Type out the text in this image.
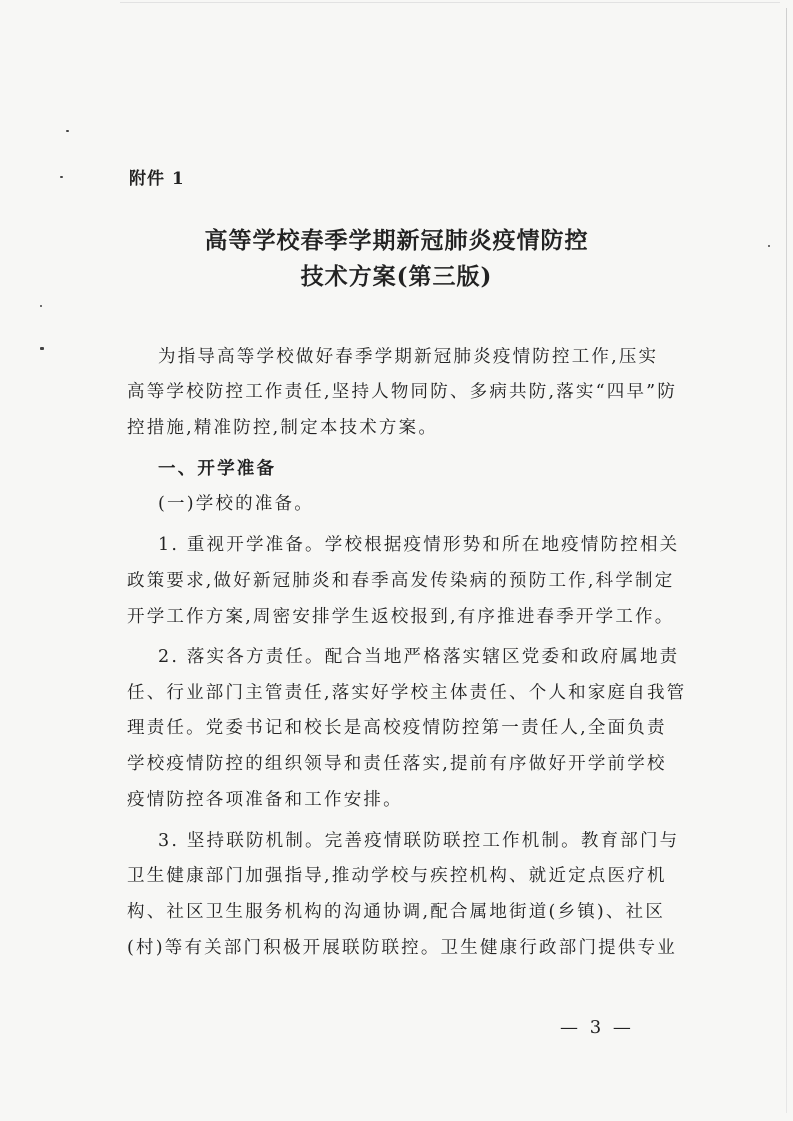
附件 1
高等学校春季学期新冠肺炎疫情防控
技术方案(第三版)
为指导高等学校做好春季学期新冠肺炎疫情防控工作,压实
高等学校防控工作责任,坚持人物同防、多病共防,落实“四早”防
控措施,精准防控,制定本技术方案。
一、开学准备
(一)学校的准备。
1. 重视开学准备。学校根据疫情形势和所在地疫情防控相关
政策要求,做好新冠肺炎和春季高发传染病的预防工作,科学制定
开学工作方案,周密安排学生返校报到,有序推进春季开学工作。
2. 落实各方责任。配合当地严格落实辖区党委和政府属地责
任、行业部门主管责任,落实好学校主体责任、个人和家庭自我管
理责任。党委书记和校长是高校疫情防控第一责任人,全面负责
学校疫情防控的组织领导和责任落实,提前有序做好开学前学校
疫情防控各项准备和工作安排。
3. 坚持联防机制。完善疫情联防联控工作机制。教育部门与
卫生健康部门加强指导,推动学校与疾控机构、就近定点医疗机
构、社区卫生服务机构的沟通协调,配合属地街道(乡镇)、社区
(村)等有关部门积极开展联防联控。卫生健康行政部门提供专业
— 3 —
